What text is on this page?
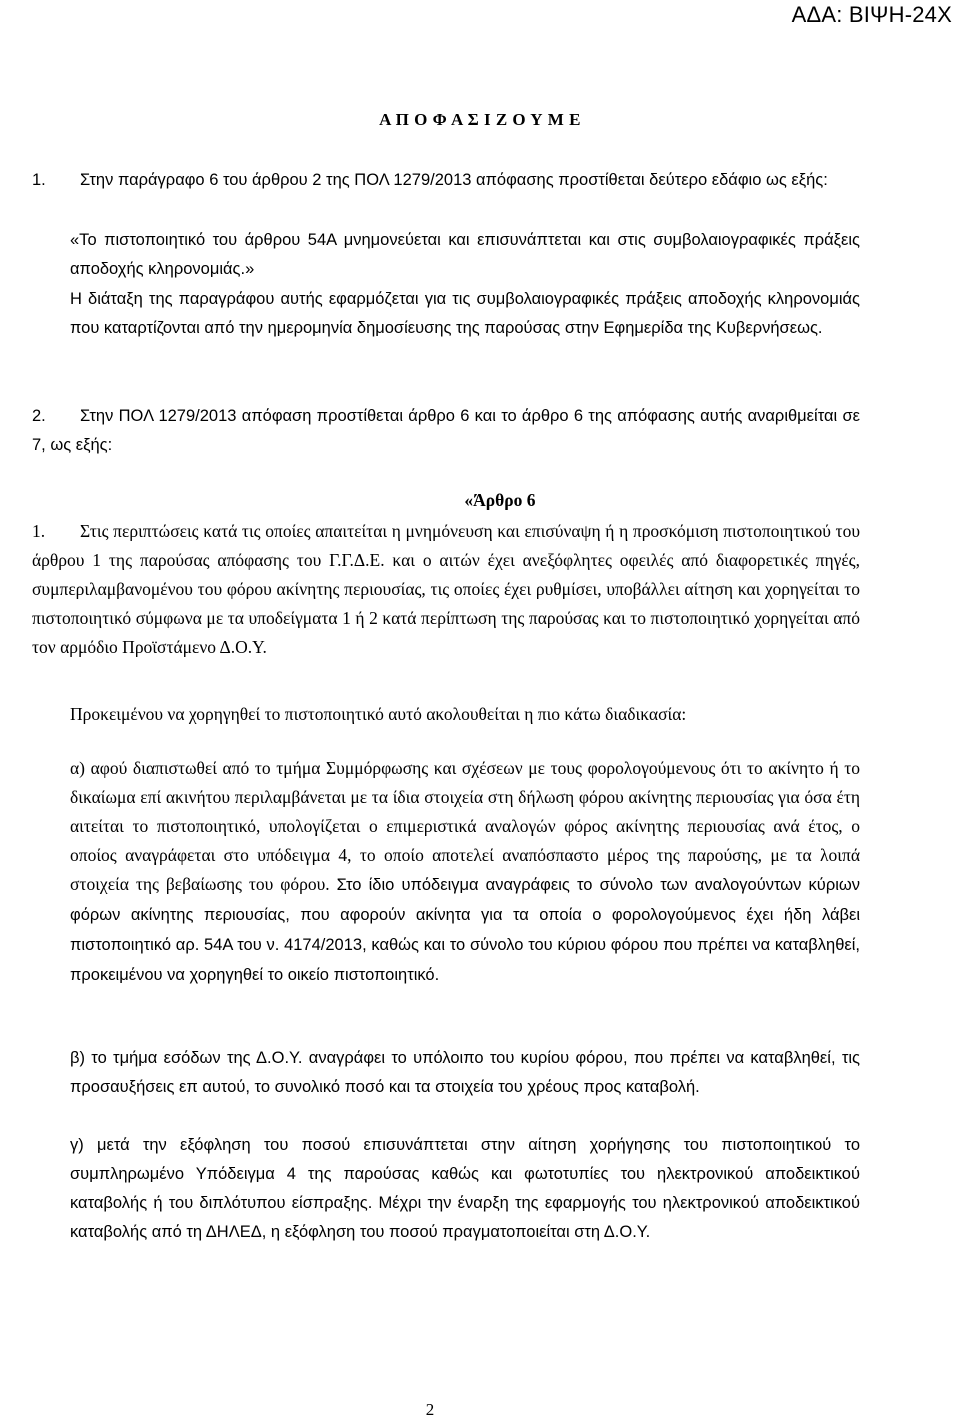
ΑΔΑ: ΒΙΨΗ-24Χ
Α Π Ο Φ Α Σ Ι Ζ Ο Υ Μ Ε

1. Στην παράγραφο 6 του άρθρου 2 της ΠΟΛ 1279/2013 απόφασης προστίθεται δεύτερο εδάφιο ως εξής:

«Το πιστοποιητικό του άρθρου 54Α μνημονεύεται και επισυνάπτεται και στις συμβολαιογραφικές πράξεις αποδοχής κληρονομιάς.»

Η διάταξη της παραγράφου αυτής εφαρμόζεται για τις συμβολαιογραφικές πράξεις αποδοχής κληρονομιάς που καταρτίζονται από την ημερομηνία δημοσίευσης της παρούσας στην Εφημερίδα της Κυβερνήσεως.

2. Στην ΠΟΛ 1279/2013 απόφαση προστίθεται άρθρο 6 και το άρθρο 6 της απόφασης αυτής αναριθμείται σε 7, ως εξής:

«Άρθρο 6

1. Στις περιπτώσεις κατά τις οποίες απαιτείται η μνημόνευση και επισύναψη ή η προσκόμιση πιστοποιητικού του άρθρου 1 της παρούσας απόφασης του Γ.Γ.Δ.Ε. και ο αιτών έχει ανεξόφλητες οφειλές από διαφορετικές πηγές, συμπεριλαμβανομένου του φόρου ακίνητης περιουσίας, τις οποίες έχει ρυθμίσει, υποβάλλει αίτηση και χορηγείται το πιστοποιητικό σύμφωνα με τα υποδείγματα 1 ή 2 κατά περίπτωση της παρούσας και το πιστοποιητικό χορηγείται από τον αρμόδιο Προϊστάμενο Δ.Ο.Υ.

Προκειμένου να χορηγηθεί το πιστοποιητικό αυτό ακολουθείται η πιο κάτω διαδικασία:

α) αφού διαπιστωθεί από το τμήμα Συμμόρφωσης και σχέσεων με τους φορολογούμενους ότι το ακίνητο ή το δικαίωμα επί ακινήτου περιλαμβάνεται με τα ίδια στοιχεία στη δήλωση φόρου ακίνητης περιουσίας για όσα έτη αιτείται το πιστοποιητικό, υπολογίζεται ο επιμεριστικά αναλογών φόρος ακίνητης περιουσίας ανά έτος, ο οποίος αναγράφεται στο υπόδειγμα 4, το οποίο αποτελεί αναπόσπαστο μέρος της παρούσης, με τα λοιπά στοιχεία της βεβαίωσης του φόρου. Στο ίδιο υπόδειγμα αναγράφεις το σύνολο των αναλογούντων κύριων φόρων ακίνητης περιουσίας, που αφορούν ακίνητα για τα οποία ο φορολογούμενος έχει ήδη λάβει πιστοποιητικό αρ. 54Α του ν. 4174/2013, καθώς και το σύνολο του κύριου φόρου που πρέπει να καταβληθεί, προκειμένου να χορηγηθεί το οικείο πιστοποιητικό.

β) το τμήμα εσόδων της Δ.Ο.Υ. αναγράφει το υπόλοιπο του κυρίου φόρου, που πρέπει να καταβληθεί, τις προσαυξήσεις επ αυτού, το συνολικό ποσό και τα στοιχεία του χρέους προς καταβολή.

γ) μετά την εξόφληση του ποσού επισυνάπτεται στην αίτηση χορήγησης του πιστοποιητικού το συμπληρωμένο Υπόδειγμα 4 της παρούσας καθώς και φωτοτυπίες του ηλεκτρονικού αποδεικτικού καταβολής ή του διπλότυπου είσπραξης. Μέχρι την έναρξη της εφαρμογής του ηλεκτρονικού αποδεικτικού καταβολής από τη ΔΗΛΕΔ, η εξόφληση του ποσού πραγματοποιείται στη Δ.Ο.Υ.

2
